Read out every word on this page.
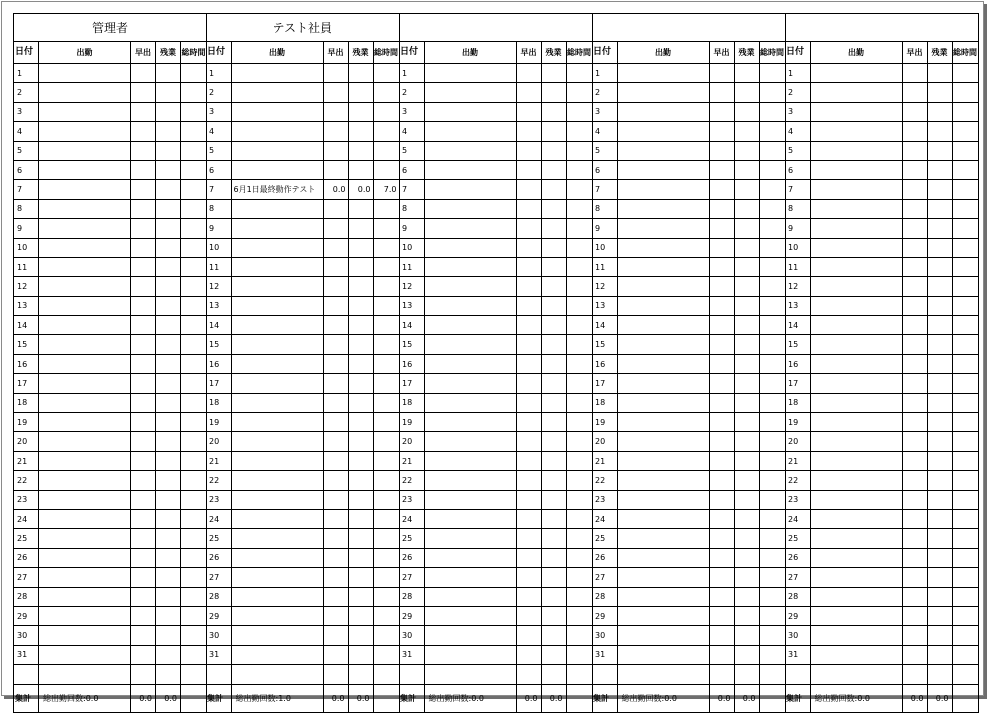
管理者				
日付	出勤	早出	残業	総時間
1				
2				
3				
4				
5				
6				
7				
8				
9				
10				
11				
12				
13				
14				
15				
16				
17				
18				
19				
20				
21				
22				
23				
24				
25				
26				
27				
28				
29				
30				
31				

集計	総出勤回数:0.0	0.0	0.0	
テスト社員				
日付	出勤	早出	残業	総時間
1				
2				
3				
4				
5				
6				
7	6月1日最終動作テスト	0.0	0.0	7.0
8				
9				
10				
11				
12				
13				
14				
15				
16				
17				
18				
19				
20				
21				
22				
23				
24				
25				
26				
27				
28				
29				
30				
31				

集計	総出勤回数:1.0	0.0	0.0	

日付	出勤	早出	残業	総時間
1				
2				
3				
4				
5				
6				
7				
8				
9				
10				
11				
12				
13				
14				
15				
16				
17				
18				
19				
20				
21				
22				
23				
24				
25				
26				
27				
28				
29				
30				
31				

集計	総出勤回数:0.0	0.0	0.0	

日付	出勤	早出	残業	総時間
1				
2				
3				
4				
5				
6				
7				
8				
9				
10				
11				
12				
13				
14				
15				
16				
17				
18				
19				
20				
21				
22				
23				
24				
25				
26				
27				
28				
29				
30				
31				

集計	総出勤回数:0.0	0.0	0.0	

日付	出勤	早出	残業	総時間
1				
2				
3				
4				
5				
6				
7				
8				
9				
10				
11				
12				
13				
14				
15				
16				
17				
18				
19				
20				
21				
22				
23				
24				
25				
26				
27				
28				
29				
30				
31				

集計	総出勤回数:0.0	0.0	0.0	
